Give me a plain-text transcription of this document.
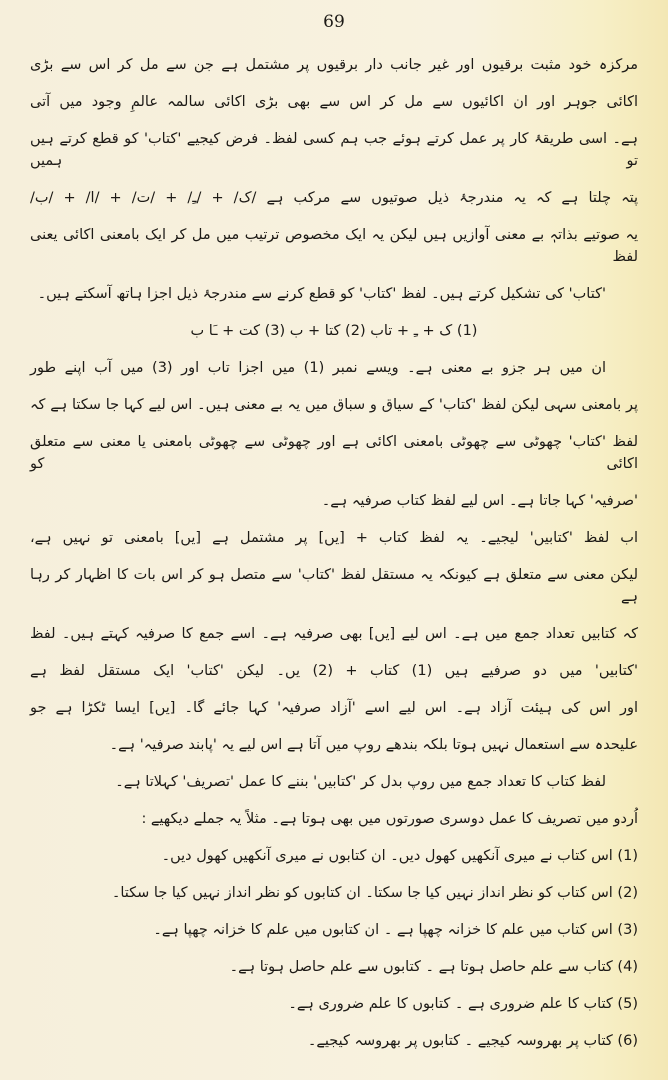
69
مرکزہ خود مثبت برقیوں اور غیر جانب دار برقیوں پر مشتمل ہے جن سے مل کر اس سے بڑی
اکائی جوہر اور ان اکائیوں سے مل کر اس سے بھی بڑی اکائی سالمہ عالمِ وجود میں آتی
ہے۔ اسی طریقۂ کار پر عمل کرتے ہوئے جب ہم کسی لفظ۔ فرض کیجیے 'کتاب' کو قطع کرتے ہیں تو ہمیں
پتہ چلتا ہے کہ یہ مندرجۂ ذیل صوتیوں سے مرکب ہے /ک/ + /ـِ/ + /ت/ + /ا/ + /ب/
یہ صوتیے بذاتہٖ بے معنی آوازیں ہیں لیکن یہ ایک مخصوص ترتیب میں مل کر ایک بامعنی اکائی یعنی لفظ
'کتاب' کی تشکیل کرتے ہیں۔ لفظ 'کتاب' کو قطع کرنے سے مندرجۂ ذیل اجزا ہاتھ آسکتے ہیں۔
(1) ک + ـِ + تاب (2) کتا + ب (3) کت + ـَا ب
ان میں ہر جزو بے معنی ہے۔ ویسے نمبر (1) میں اجزا تاب اور (3) میں آب اپنے طور
پر بامعنی سہی لیکن لفظ 'کتاب' کے سیاق و سباق میں یہ بے معنی ہیں۔ اس لیے کہا جا سکتا ہے کہ
لفظ 'کتاب' چھوٹی سے چھوٹی بامعنی اکائی ہے اور چھوٹی سے چھوٹی بامعنی یا معنی سے متعلق اکائی کو
'صرفیہ' کہا جاتا ہے۔ اس لیے لفظ کتاب صرفیہ ہے۔
اب لفظ 'کتابیں' لیجیے۔ یہ لفظ کتاب + [یں] پر مشتمل ہے [یں] بامعنی تو نہیں ہے،
لیکن معنی سے متعلق ہے کیونکہ یہ مستقل لفظ 'کتاب' سے متصل ہو کر اس بات کا اظہار کر رہا ہے
کہ کتابیں تعداد جمع میں ہے۔ اس لیے [یں] بھی صرفیہ ہے۔ اسے جمع کا صرفیہ کہتے ہیں۔ لفظ
'کتابیں' میں دو صرفیے ہیں (1) کتاب + (2) یں۔ لیکن 'کتاب' ایک مستقل لفظ ہے
اور اس کی ہیئت آزاد ہے۔ اس لیے اسے 'آزاد صرفیہ' کہا جائے گا۔ [یں] ایسا ٹکڑا ہے جو
علیحدہ سے استعمال نہیں ہوتا بلکہ بندھے روپ میں آتا ہے اس لیے یہ 'پابند صرفیہ' ہے۔
لفظ کتاب کا تعداد جمع میں روپ بدل کر 'کتابیں' بننے کا عمل 'تصریف' کہلاتا ہے۔
اُردو میں تصریف کا عمل دوسری صورتوں میں بھی ہوتا ہے۔ مثلاً یہ جملے دیکھیے :
(1) اس کتاب نے میری آنکھیں کھول دیں۔ ان کتابوں نے میری آنکھیں کھول دیں۔
(2) اس کتاب کو نظر انداز نہیں کیا جا سکتا۔ ان کتابوں کو نظر انداز نہیں کیا جا سکتا۔
(3) اس کتاب میں علم کا خزانہ چھپا ہے ۔ ان کتابوں میں علم کا خزانہ چھپا ہے۔
(4) کتاب سے علم حاصل ہوتا ہے ۔ کتابوں سے علم حاصل ہوتا ہے۔
(5) کتاب کا علم ضروری ہے ۔ کتابوں کا علم ضروری ہے۔
(6) کتاب پر بھروسہ کیجیے ۔ کتابوں پر بھروسہ کیجیے۔
